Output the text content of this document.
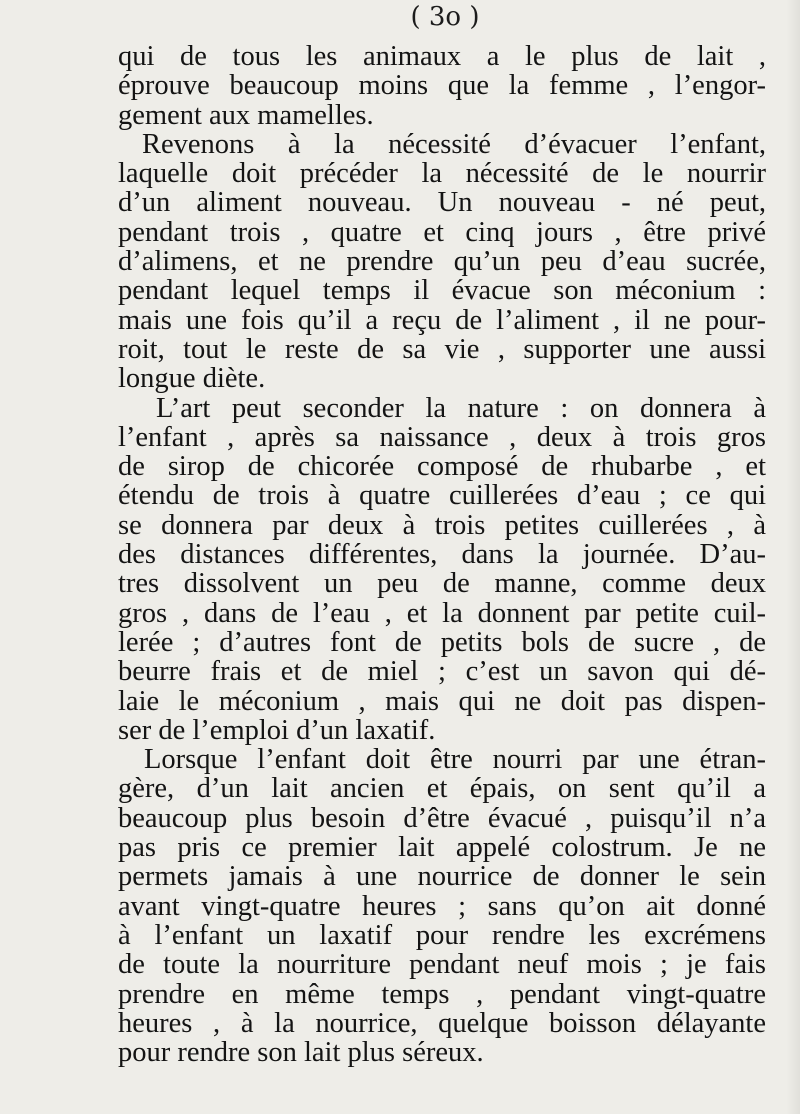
( 3o )
qui de tous les animaux a le plus de lait ,
éprouve beaucoup moins que la femme , l’engor-
gement aux mamelles.
Revenons à la nécessité d’évacuer l’enfant,
laquelle doit précéder la nécessité de le nourrir
d’un aliment nouveau. Un nouveau - né peut,
pendant trois , quatre et cinq jours , être privé
d’alimens, et ne prendre qu’un peu d’eau sucrée,
pendant lequel temps il évacue son méconium :
mais une fois qu’il a reçu de l’aliment , il ne pour-
roit, tout le reste de sa vie , supporter une aussi
longue diète.
L’art peut seconder la nature : on donnera à
l’enfant , après sa naissance , deux à trois gros
de sirop de chicorée composé de rhubarbe , et
étendu de trois à quatre cuillerées d’eau ; ce qui
se donnera par deux à trois petites cuillerées , à
des distances différentes, dans la journée. D’au-
tres dissolvent un peu de manne, comme deux
gros , dans de l’eau , et la donnent par petite cuil-
lerée ; d’autres font de petits bols de sucre , de
beurre frais et de miel ; c’est un savon qui dé-
laie le méconium , mais qui ne doit pas dispen-
ser de l’emploi d’un laxatif.
Lorsque l’enfant doit être nourri par une étran-
gère, d’un lait ancien et épais, on sent qu’il a
beaucoup plus besoin d’être évacué , puisqu’il n’a
pas pris ce premier lait appelé colostrum. Je ne
permets jamais à une nourrice de donner le sein
avant vingt-quatre heures ; sans qu’on ait donné
à l’enfant un laxatif pour rendre les excrémens
de toute la nourriture pendant neuf mois ; je fais
prendre en même temps , pendant vingt-quatre
heures , à la nourrice, quelque boisson délayante
pour rendre son lait plus séreux.
